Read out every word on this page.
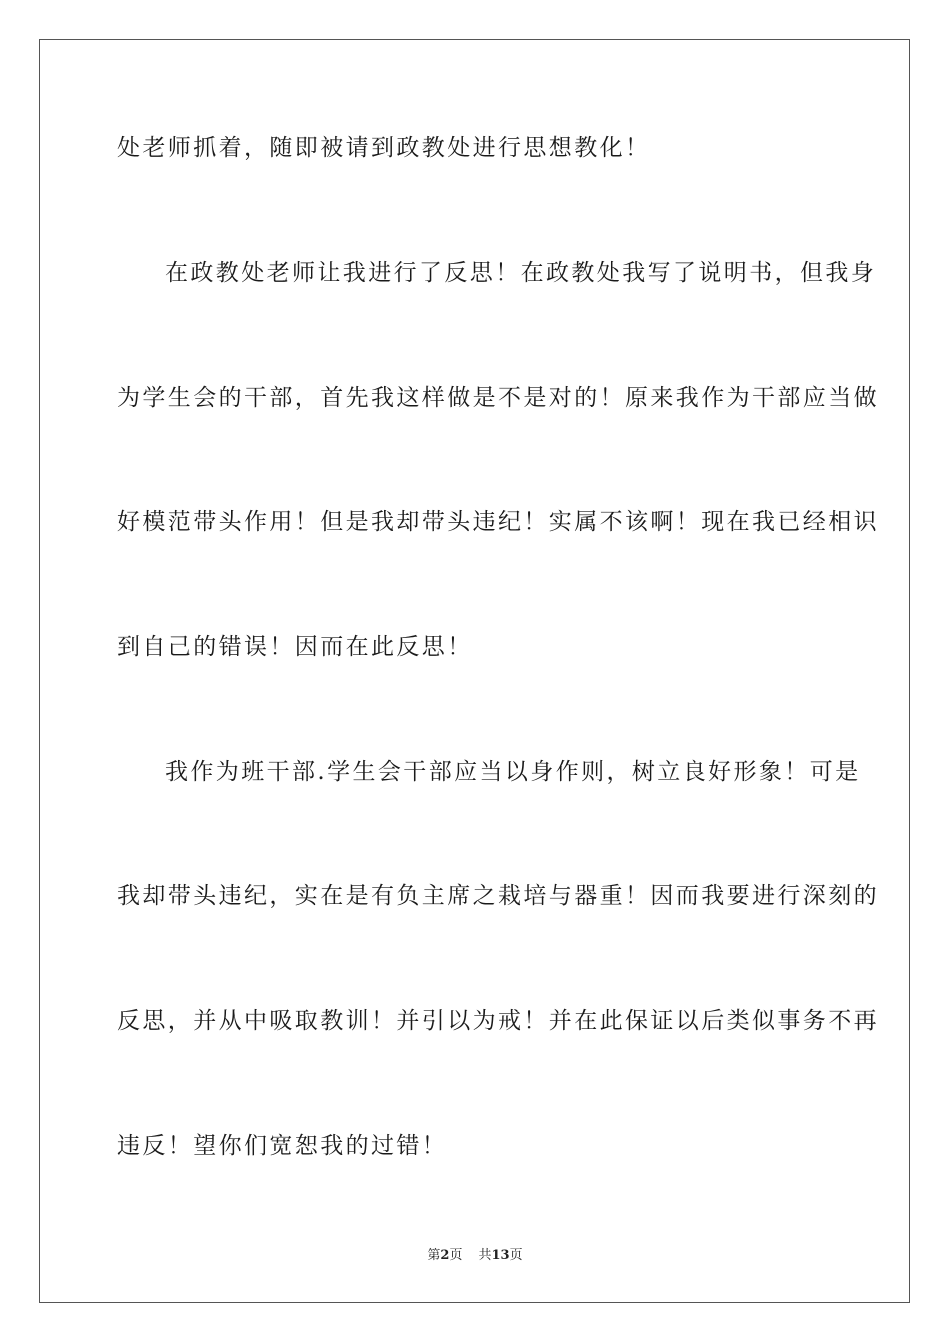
处老师抓着，随即被请到政教处进行思想教化！
在政教处老师让我进行了反思！在政教处我写了说明书，但我身
为学生会的干部，首先我这样做是不是对的！原来我作为干部应当做
好模范带头作用！但是我却带头违纪！实属不该啊！现在我已经相识
到自己的错误！因而在此反思！
我作为班干部.学生会干部应当以身作则，树立良好形象！可是
我却带头违纪，实在是有负主席之栽培与器重！因而我要进行深刻的
反思，并从中吸取教训！并引以为戒！并在此保证以后类似事务不再
违反！望你们宽恕我的过错！
第2页 共13页
